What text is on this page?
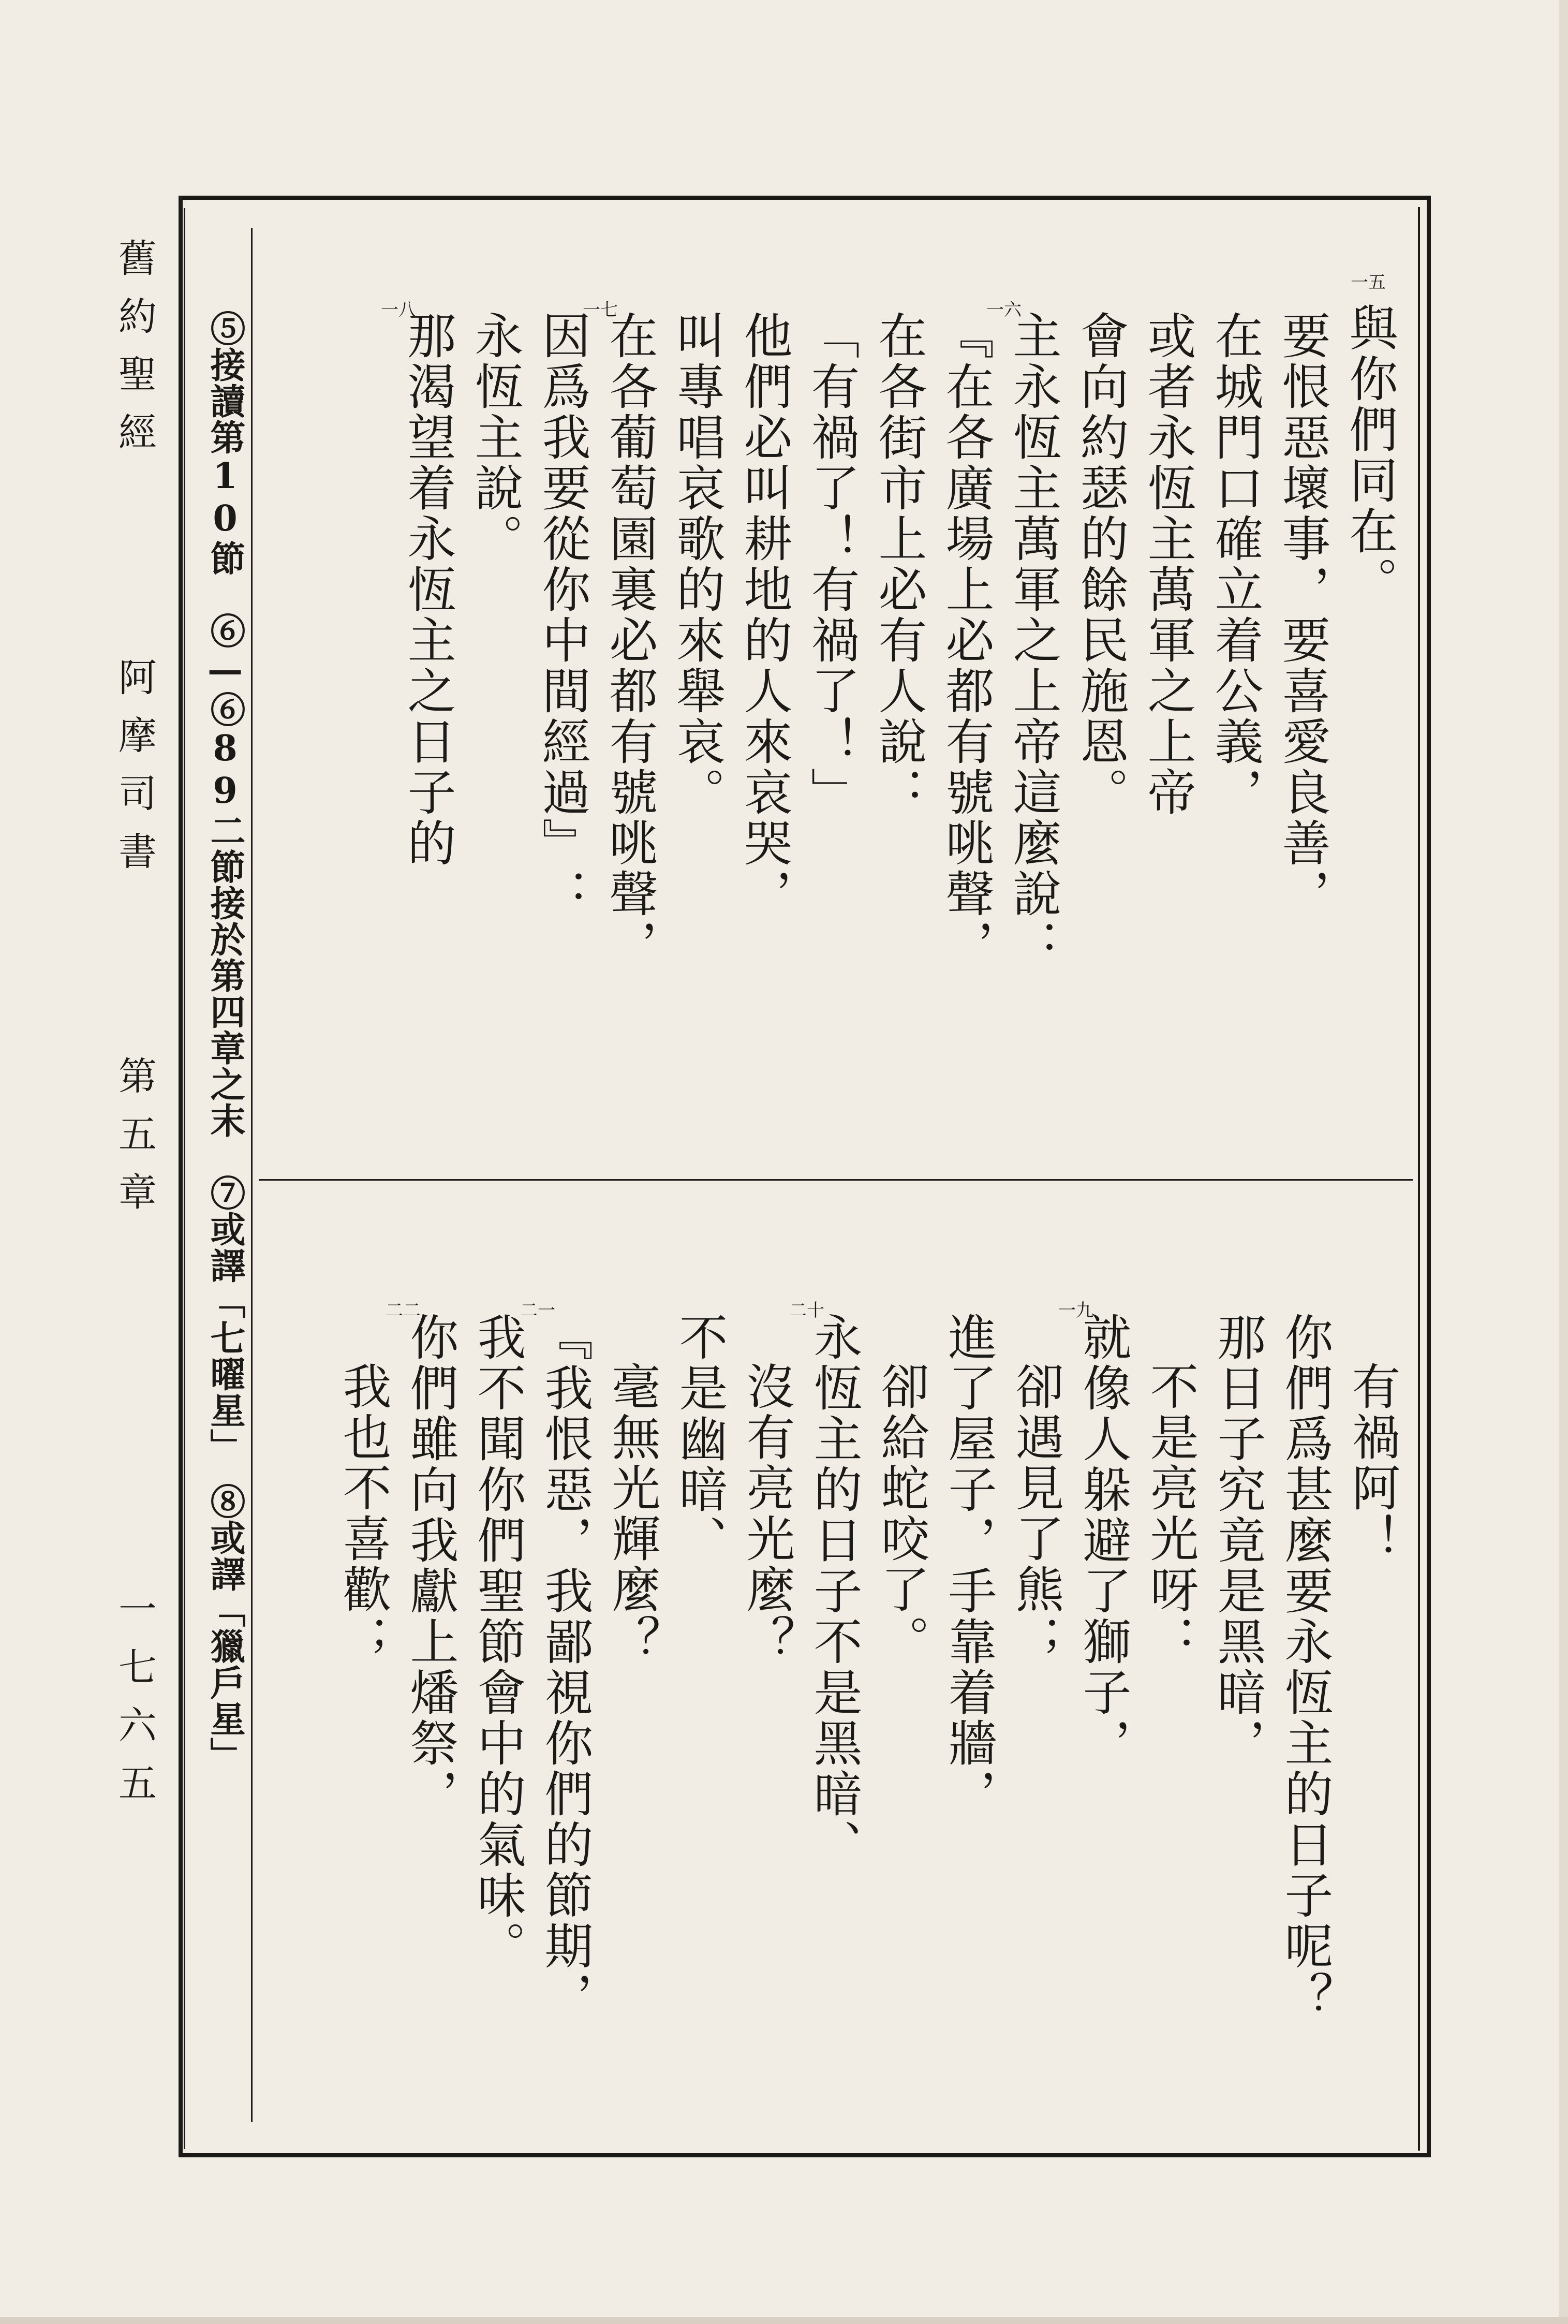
舊約聖經
阿摩司書
第五章
一七六五 ⑤接讀第10節　⑥—⑥89二節接於第四章之末　⑦或譯「七曜星」　⑧或譯「獵戶星」
一五
與你們同在。
要恨惡壞事，要喜愛良善，
在城門口確立着公義，
或者永恆主萬軍之上帝
會向約瑟的餘民施恩。
一六
主永恆主萬軍之上帝這麼說：
『在各廣場上必都有號咷聲，
在各街市上必有人說：
「有禍了！有禍了！」
他們必叫耕地的人來哀哭，
叫專唱哀歌的來舉哀。
一七
在各葡萄園裏必都有號咷聲，
因爲我要從你中間經過』：
永恆主說。
一八
那渴望着永恆主之日子的
有禍阿！
你們爲甚麼要永恆主的日子呢？
那日子究竟是黑暗，
不是亮光呀：
一九
就像人躲避了獅子，
卻遇見了熊；
進了屋子，手靠着牆，
卻給蛇咬了。
二十
永恆主的日子不是黑暗、
沒有亮光麼？
不是幽暗、
毫無光輝麼？
二一
『我恨惡，我鄙視你們的節期，
我不聞你們聖節會中的氣味。
二二
你們雖向我獻上燔祭，
我也不喜歡；
